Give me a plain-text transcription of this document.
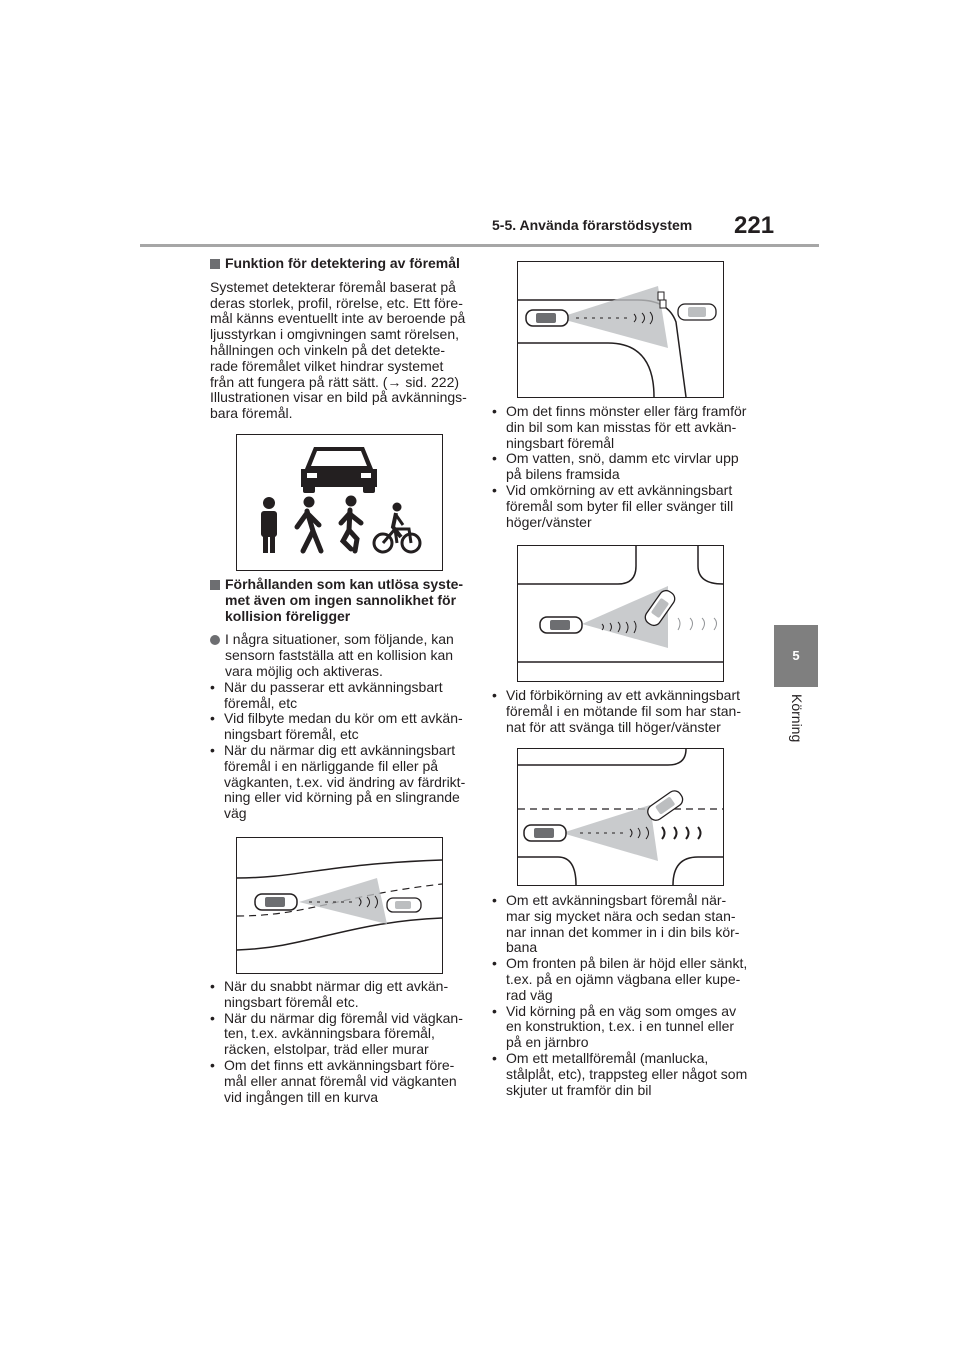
5-5. Använda förarstödsystem 221
5
Körning
Funktion för detektering av föremål

Systemet detekterar föremål baserat på

deras storlek, profil, rörelse, etc. Ett före-

mål känns eventuellt inte av beroende på

ljusstyrkan i omgivningen samt rörelsen,

hållningen och vinkeln på det detekte-

rade föremålet vilket hindrar systemet

från att fungera på rätt sätt. (→ sid. 222)

Illustrationen visar en bild på avkännings-

bara föremål.

Förhållanden som kan utlösa syste-
met även om ingen sannolikhet för
kollision föreligger
I några situationer, som följande, kan
sensorn fastställa att en kollision kan
vara möjlig och aktiveras.
• När du passerar ett avkänningsbart
föremål, etc
• Vid filbyte medan du kör om ett avkän-
ningsbart föremål, etc
• När du närmar dig ett avkänningsbart
föremål i en närliggande fil eller på
vägkanten, t.ex. vid ändring av färdrikt-
ning eller vid körning på en slingrande
väg
• När du snabbt närmar dig ett avkän-
ningsbart föremål etc.
• När du närmar dig föremål vid vägkan-
ten, t.ex. avkänningsbara föremål,
räcken, elstolpar, träd eller murar
• Om det finns ett avkänningsbart före-
mål eller annat föremål vid vägkanten
vid ingången till en kurva
• Om det finns mönster eller färg framför
din bil som kan misstas för ett avkän-
ningsbart föremål
• Om vatten, snö, damm etc virvlar upp
på bilens framsida
• Vid omkörning av ett avkänningsbart
föremål som byter fil eller svänger till
höger/vänster
• Vid förbikörning av ett avkänningsbart
föremål i en mötande fil som har stan-
nat för att svänga till höger/vänster
• Om ett avkänningsbart föremål när-
mar sig mycket nära och sedan stan-
nar innan det kommer in i din bils kör-
bana
• Om fronten på bilen är höjd eller sänkt,
t.ex. på en ojämn vägbana eller kupe-
rad väg
• Vid körning på en väg som omges av
en konstruktion, t.ex. i en tunnel eller
på en järnbro
• Om ett metallföremål (manlucka,
stålplåt, etc), trappsteg eller något som
skjuter ut framför din bil
